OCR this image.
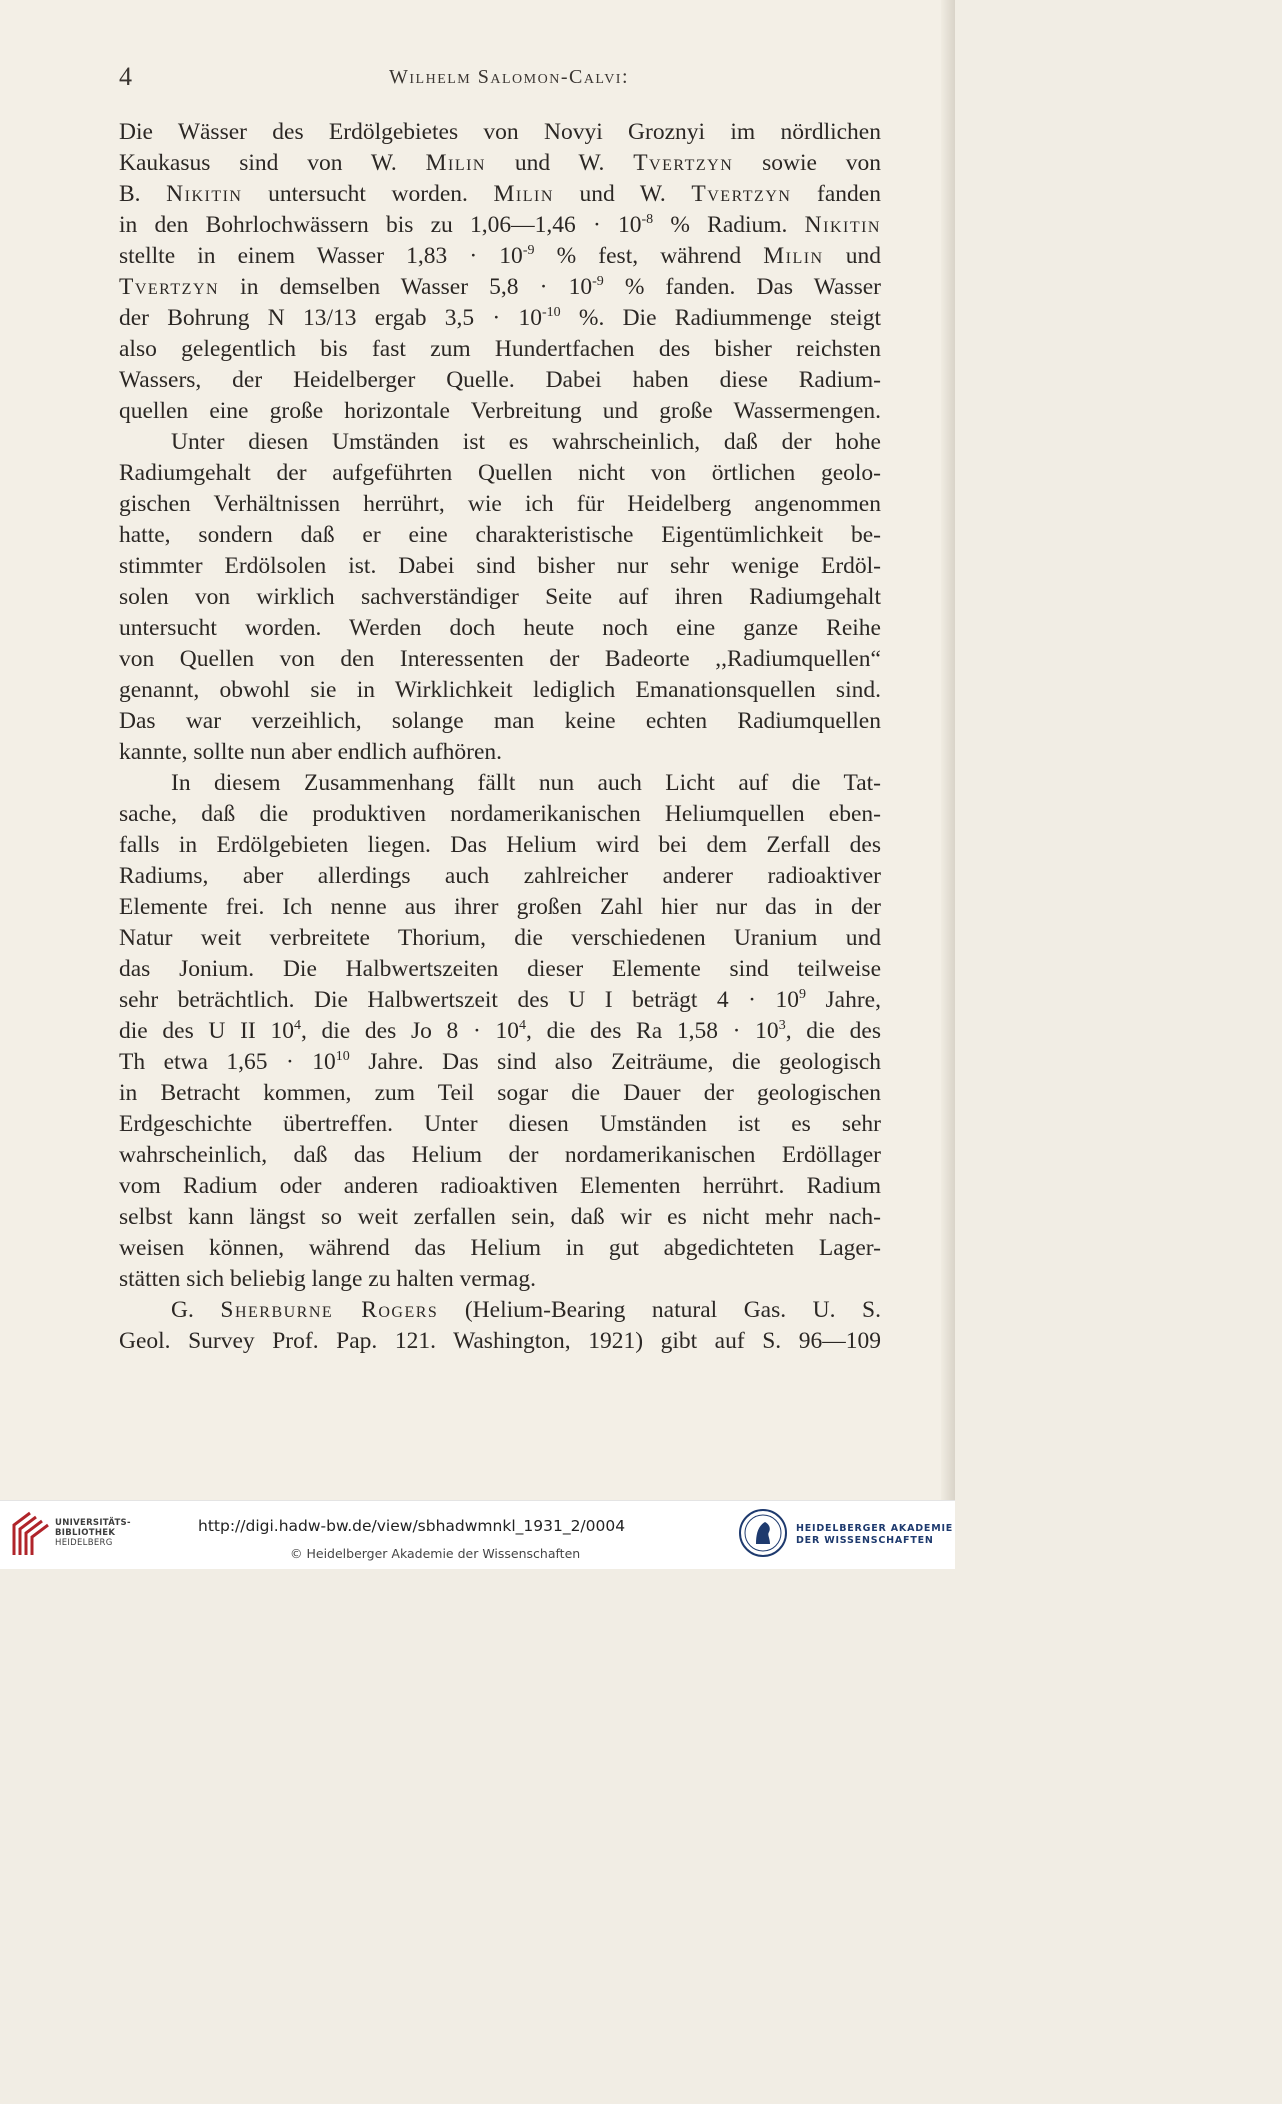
4	Wilhelm Salomon-Calvi:
Die Wässer des Erdölgebietes von Novyi Groznyi im nördlichen
Kaukasus sind von W. Milin und W. Tvertzyn sowie von
B. Nikitin untersucht worden. Milin und W. Tvertzyn fanden
in den Bohrlochwässern bis zu 1,06—1,46 · $10^{-8}$ % Radium. Nikitin
stellte in einem Wasser $1,83 \cdot 10^{-9}$ % fest, während Milin und
Tvertzyn in demselben Wasser $5,8 \cdot 10^{-9}$ % fanden. Das Wasser
der Bohrung N 13/13 ergab $3,5 \cdot 10^{-10}$ %. Die Radiummenge steigt
also gelegentlich bis fast zum Hundertfachen des bisher reichsten
Wassers, der Heidelberger Quelle. Dabei haben diese Radium-
quellen eine große horizontale Verbreitung und große Wassermengen.
Unter diesen Umständen ist es wahrscheinlich, daß der hohe
Radiumgehalt der aufgeführten Quellen nicht von örtlichen geolo-
gischen Verhältnissen herrührt, wie ich für Heidelberg angenommen
hatte, sondern daß er eine charakteristische Eigentümlichkeit be-
stimmter Erdölsolen ist. Dabei sind bisher nur sehr wenige Erdöl-
solen von wirklich sachverständiger Seite auf ihren Radiumgehalt
untersucht worden. Werden doch heute noch eine ganze Reihe
von Quellen von den Interessenten der Badeorte ,,Radiumquellen“
genannt, obwohl sie in Wirklichkeit lediglich Emanationsquellen sind.
Das war verzeihlich, solange man keine echten Radiumquellen
kannte, sollte nun aber endlich aufhören.
In diesem Zusammenhang fällt nun auch Licht auf die Tat-
sache, daß die produktiven nordamerikanischen Heliumquellen eben-
falls in Erdölgebieten liegen. Das Helium wird bei dem Zerfall des
Radiums, aber allerdings auch zahlreicher anderer radioaktiver
Elemente frei. Ich nenne aus ihrer großen Zahl hier nur das in der
Natur weit verbreitete Thorium, die verschiedenen Uranium und
das Jonium. Die Halbwertszeiten dieser Elemente sind teilweise
sehr beträchtlich. Die Halbwertszeit des U I beträgt $4 \cdot 10^9$ Jahre,
die des U II $10^4$, die des Jo $8 \cdot 10^4$, die des Ra $1,58 \cdot 10^3$, die des
Th etwa $1,65 \cdot 10^{10}$ Jahre. Das sind also Zeiträume, die geologisch
in Betracht kommen, zum Teil sogar die Dauer der geologischen
Erdgeschichte übertreffen. Unter diesen Umständen ist es sehr
wahrscheinlich, daß das Helium der nordamerikanischen Erdöllager
vom Radium oder anderen radioaktiven Elementen herrührt. Radium
selbst kann längst so weit zerfallen sein, daß wir es nicht mehr nach-
weisen können, während das Helium in gut abgedichteten Lager-
stätten sich beliebig lange zu halten vermag.
G. Sherburne Rogers (Helium-Bearing natural Gas. U. S.
Geol. Survey Prof. Pap. 121. Washington, 1921) gibt auf S. 96—109
UNIVERSITÄTS-
BIBLIOTHEK
HEIDELBERG
http://digi.hadw-bw.de/view/sbhadwmnkl_1931_2/0004
© Heidelberger Akademie der Wissenschaften
HEIDELBERGER AKADEMIE
DER WISSENSCHAFTEN
